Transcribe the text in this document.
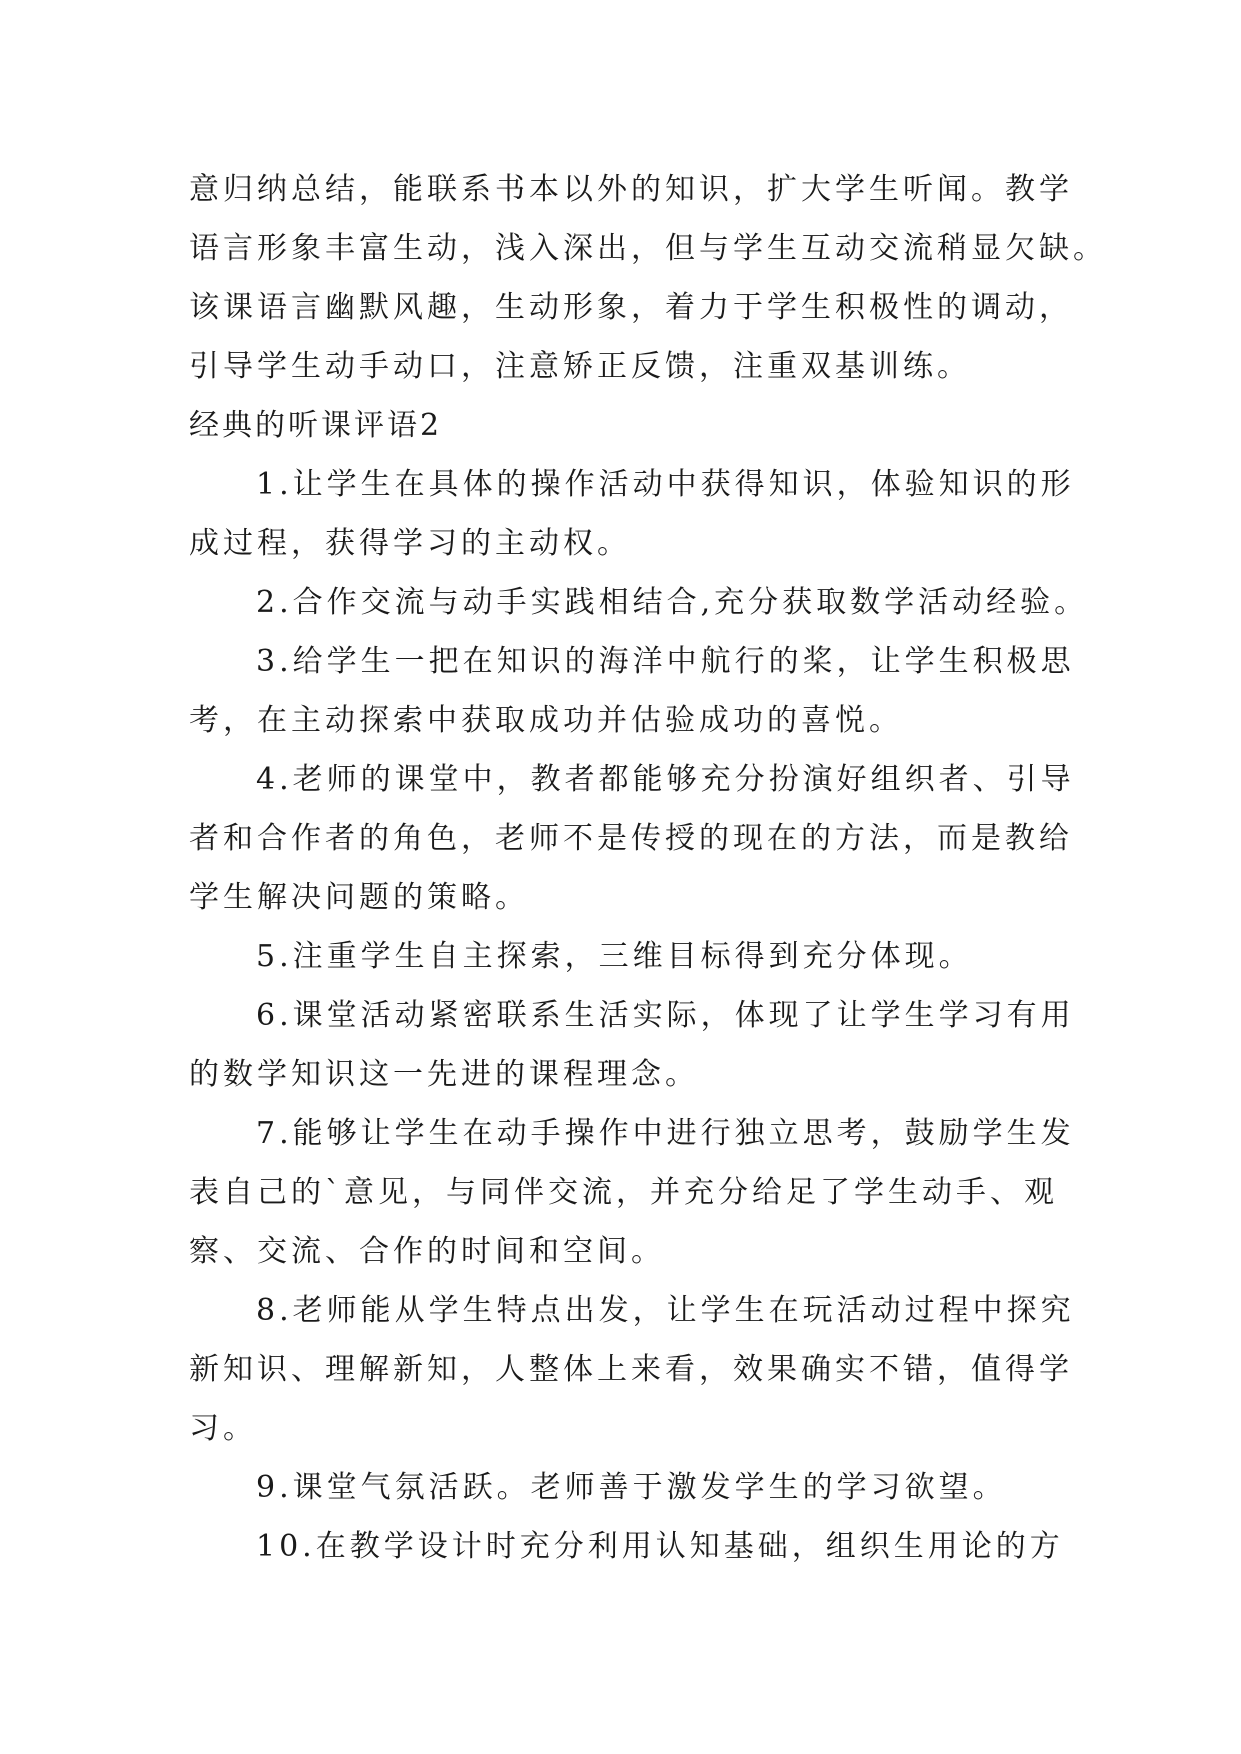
意归纳总结，能联系书本以外的知识，扩大学生听闻。教学

语言形象丰富生动，浅入深出，但与学生互动交流稍显欠缺。

该课语言幽默风趣，生动形象，着力于学生积极性的调动，

引导学生动手动口，注意矫正反馈，注重双基训练。

经典的听课评语2

1.让学生在具体的操作活动中获得知识，体验知识的形

成过程，获得学习的主动权。

2.合作交流与动手实践相结合,充分获取数学活动经验。

3.给学生一把在知识的海洋中航行的桨，让学生积极思

考，在主动探索中获取成功并估验成功的喜悦。

4.老师的课堂中，教者都能够充分扮演好组织者、引导

者和合作者的角色，老师不是传授的现在的方法，而是教给

学生解决问题的策略。

5.注重学生自主探索，三维目标得到充分体现。

6.课堂活动紧密联系生活实际，体现了让学生学习有用

的数学知识这一先进的课程理念。

7.能够让学生在动手操作中进行独立思考，鼓励学生发

表自己的`意见，与同伴交流，并充分给足了学生动手、观

察、交流、合作的时间和空间。

8.老师能从学生特点出发，让学生在玩活动过程中探究

新知识、理解新知，人整体上来看，效果确实不错，值得学

习。

9.课堂气氛活跃。老师善于激发学生的学习欲望。

10.在教学设计时充分利用认知基础，组织生用论的方
